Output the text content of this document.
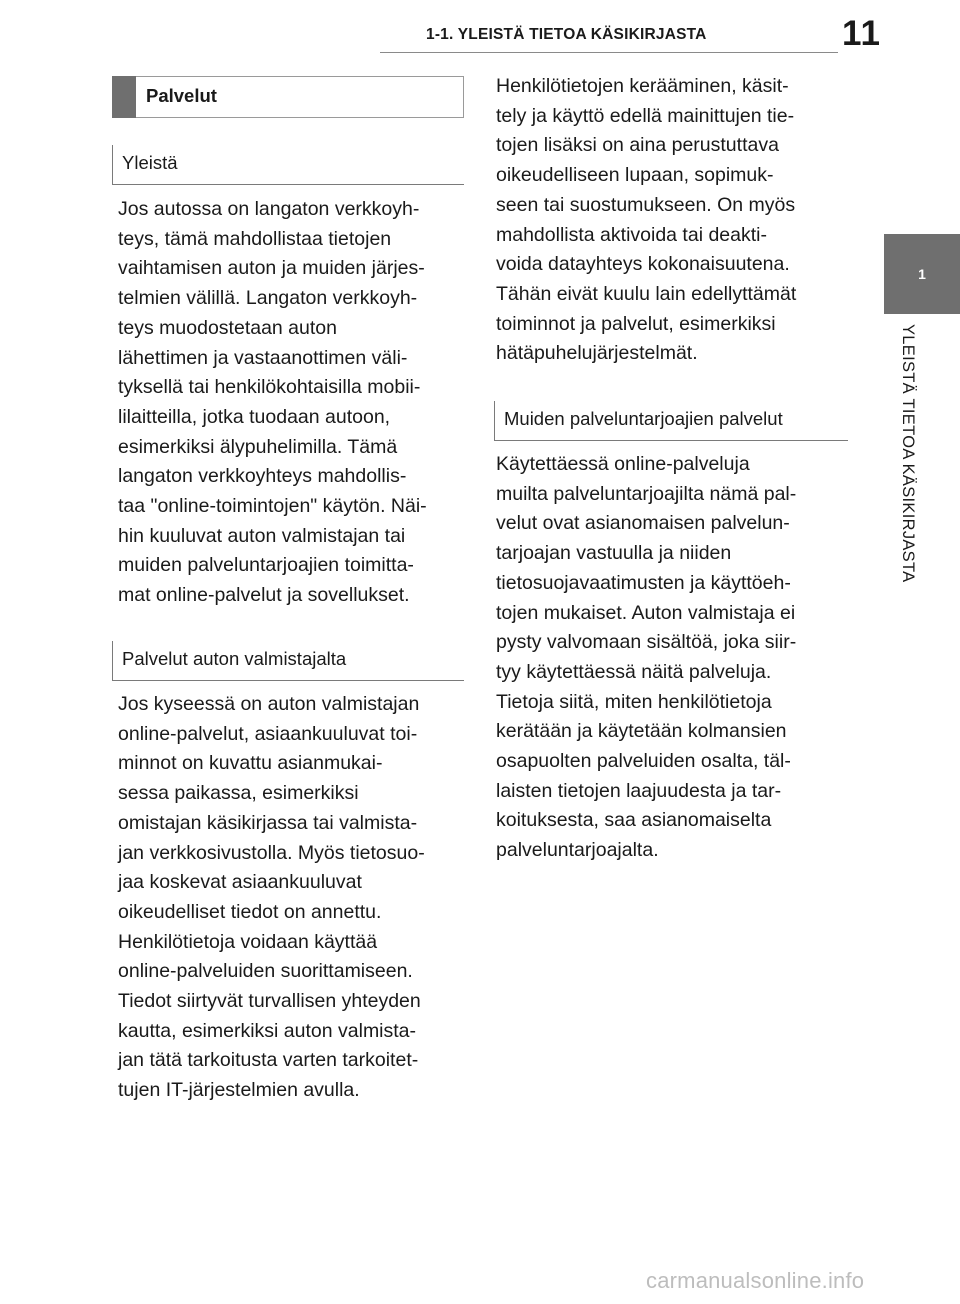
1-1. YLEISTÄ TIETOA KÄSIKIRJASTA	11
1
YLEISTÄ TIETOA KÄSIKIRJASTA
Palvelut
Yleistä

Jos autossa on langaton verkkoyh-
teys, tämä mahdollistaa tietojen
vaihtamisen auton ja muiden järjes-
telmien välillä. Langaton verkkoyh-
teys muodostetaan auton
lähettimen ja vastaanottimen väli-
tyksellä tai henkilökohtaisilla mobii-
lilaitteilla, jotka tuodaan autoon,
esimerkiksi älypuhelimilla. Tämä
langaton verkkoyhteys mahdollis-
taa "online-toimintojen" käytön. Näi-
hin kuuluvat auton valmistajan tai
muiden palveluntarjoajien toimitta-
mat online-palvelut ja sovellukset.

Palvelut auton valmistajalta

Jos kyseessä on auton valmistajan
online-palvelut, asiaankuuluvat toi-
minnot on kuvattu asianmukai-
sessa paikassa, esimerkiksi
omistajan käsikirjassa tai valmista-
jan verkkosivustolla. Myös tietosuo-
jaa koskevat asiaankuuluvat
oikeudelliset tiedot on annettu.
Henkilötietoja voidaan käyttää
online-palveluiden suorittamiseen.
Tiedot siirtyvät turvallisen yhteyden
kautta, esimerkiksi auton valmista-
jan tätä tarkoitusta varten tarkoitet-
tujen IT-järjestelmien avulla.

Henkilötietojen kerääminen, käsit-
tely ja käyttö edellä mainittujen tie-
tojen lisäksi on aina perustuttava
oikeudelliseen lupaan, sopimuk-
seen tai suostumukseen. On myös
mahdollista aktivoida tai deakti-
voida datayhteys kokonaisuutena.
Tähän eivät kuulu lain edellyttämät
toiminnot ja palvelut, esimerkiksi
hätäpuhelujärjestelmät.

Muiden palveluntarjoajien palvelut

Käytettäessä online-palveluja
muilta palveluntarjoajilta nämä pal-
velut ovat asianomaisen palvelun-
tarjoajan vastuulla ja niiden
tietosuojavaatimusten ja käyttöeh-
tojen mukaiset. Auton valmistaja ei
pysty valvomaan sisältöä, joka siir-
tyy käytettäessä näitä palveluja.
Tietoja siitä, miten henkilötietoja
kerätään ja käytetään kolmansien
osapuolten palveluiden osalta, täl-
laisten tietojen laajuudesta ja tar-
koituksesta, saa asianomaiselta
palveluntarjoajalta.

carmanualsonline.info
